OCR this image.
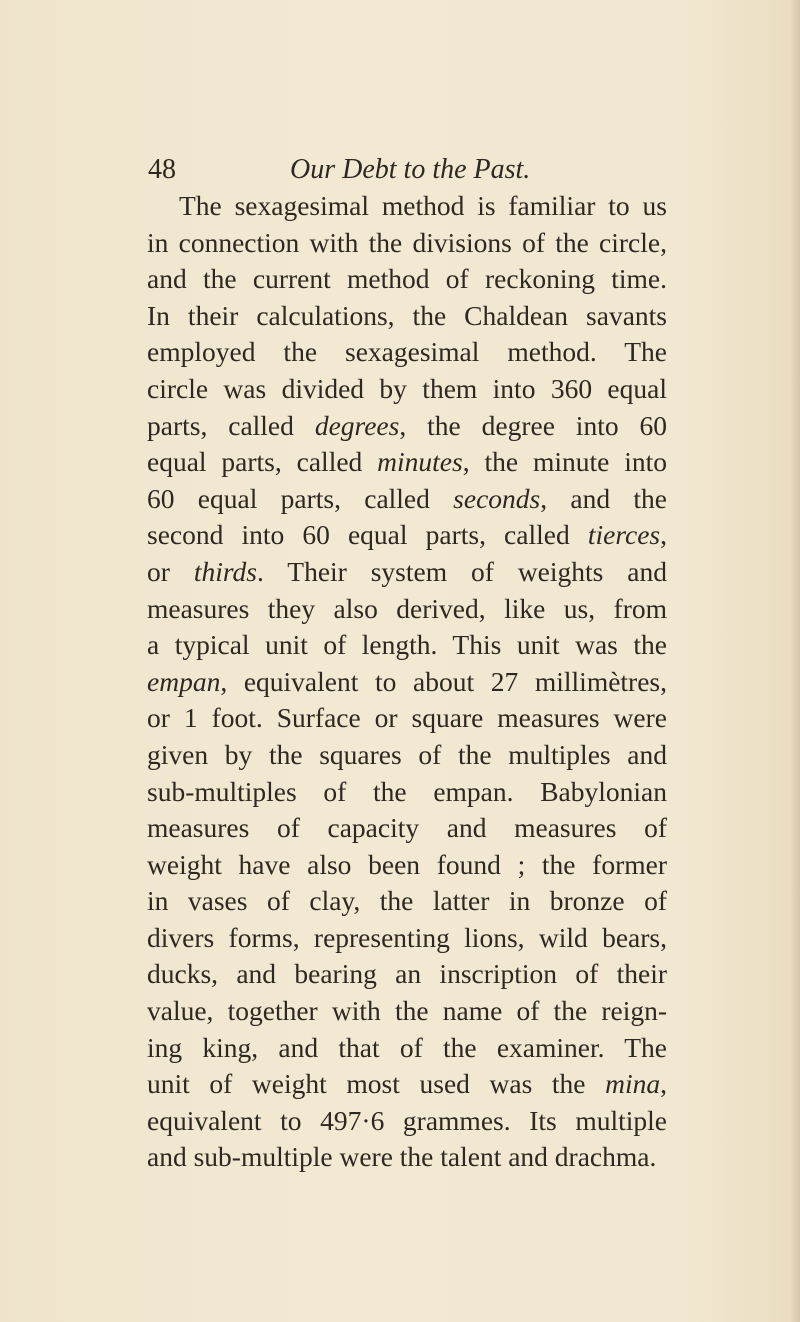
48	Our Debt to the Past.
The sexagesimal method is familiar to us
in connection with the divisions of the circle,
and the current method of reckoning time.
In their calculations, the Chaldean savants
employed the sexagesimal method. The
circle was divided by them into 360 equal
parts, called degrees, the degree into 60
equal parts, called minutes, the minute into
60 equal parts, called seconds, and the
second into 60 equal parts, called tierces,
or thirds. Their system of weights and
measures they also derived, like us, from
a typical unit of length. This unit was the
empan, equivalent to about 27 millimètres,
or 1 foot. Surface or square measures were
given by the squares of the multiples and
sub-multiples of the empan. Babylonian
measures of capacity and measures of
weight have also been found ; the former
in vases of clay, the latter in bronze of
divers forms, representing lions, wild bears,
ducks, and bearing an inscription of their
value, together with the name of the reign-
ing king, and that of the examiner. The
unit of weight most used was the mina,
equivalent to 497·6 grammes. Its multiple
and sub-multiple were the talent and drachma.
